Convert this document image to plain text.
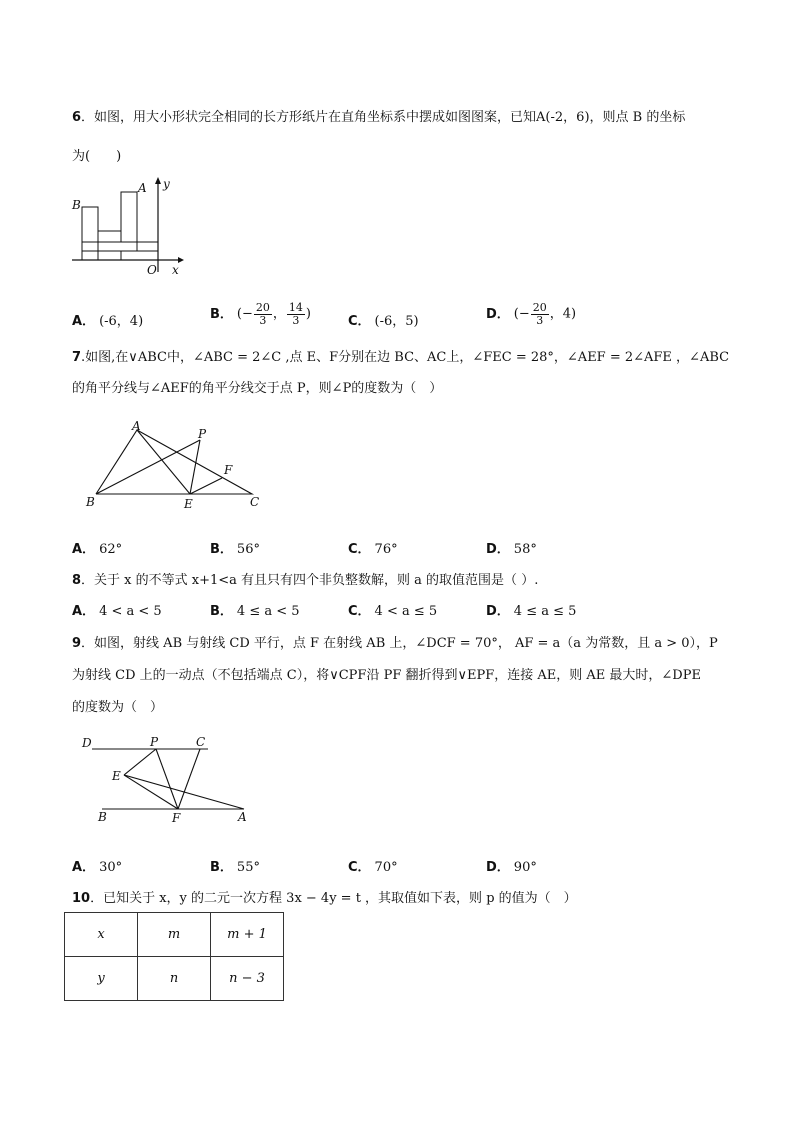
6．如图，用大小形状完全相同的长方形纸片在直角坐标系中摆成如图图案，已知A(-2，6)，则点 B 的坐标
为(　　)
B
A y
O x
A． (-6，4)	B． (− $\frac{20}{3}$ ， $\frac{14}{3}$ )	C． (-6，5)	D． (− $\frac{20}{3}$ ，4)
7.如图,在∨ABC中，∠ABC = 2∠C ,点 E、F分别在边 BC、AC上，∠FEC = 28°，∠AEF = 2∠AFE ，∠ABC
的角平分线与∠AEF的角平分线交于点 P，则∠P的度数为（　）
A
P
F
B	E	C
A． 62°	B． 56°	C． 76°	D． 58°
8．关于 x 的不等式 x+1<a 有且只有四个非负整数解，则 a 的取值范围是（ ）.
A． 4 < a < 5	B． 4 ≤ a < 5	C． 4 < a ≤ 5	D． 4 ≤ a ≤ 5
9．如图，射线 AB 与射线 CD 平行，点 F 在射线 AB 上，∠DCF = 70°， AF = a（a 为常数，且 a > 0），P
为射线 CD 上的一动点（不包括端点 C），将∨CPF沿 PF 翻折得到∨EPF，连接 AE，则 AE 最大时，∠DPE
的度数为（　）
D	P	C
E
B	F	A
A． 30°	B． 55°	C． 70°	D． 90°
10．已知关于 x，y 的二元一次方程 3x − 4y = t ，其取值如下表，则 p 的值为（　）
x	m	m + 1
y	n	n − 3
